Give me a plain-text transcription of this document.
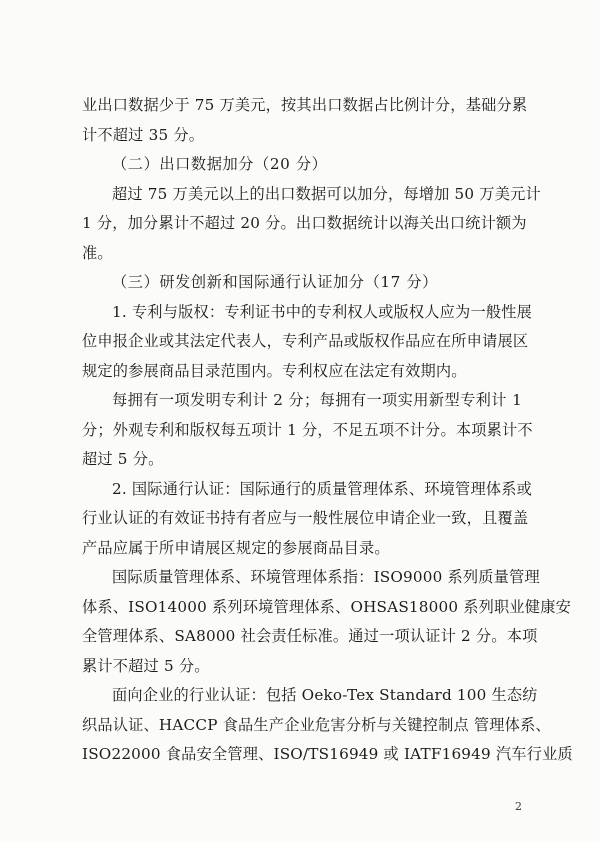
业出口数据少于 75 万美元，按其出口数据占比例计分，基础分累
计不超过 35 分。
（二）出口数据加分（20 分）
超过 75 万美元以上的出口数据可以加分，每增加 50 万美元计
1 分，加分累计不超过 20 分。出口数据统计以海关出口统计额为
准。
（三）研发创新和国际通行认证加分（17 分）
1. 专利与版权：专利证书中的专利权人或版权人应为一般性展
位申报企业或其法定代表人，专利产品或版权作品应在所申请展区
规定的参展商品目录范围内。专利权应在法定有效期内。
每拥有一项发明专利计 2 分；每拥有一项实用新型专利计 1
分；外观专利和版权每五项计 1 分，不足五项不计分。本项累计不
超过 5 分。
2. 国际通行认证：国际通行的质量管理体系、环境管理体系或
行业认证的有效证书持有者应与一般性展位申请企业一致，且覆盖
产品应属于所申请展区规定的参展商品目录。
国际质量管理体系、环境管理体系指：ISO9000 系列质量管理
体系、ISO14000 系列环境管理体系、OHSAS18000 系列职业健康安
全管理体系、SA8000 社会责任标准。通过一项认证计 2 分。本项
累计不超过 5 分。
面向企业的行业认证：包括 Oeko-Tex Standard 100 生态纺
织品认证、HACCP 食品生产企业危害分析与关键控制点 管理体系、
ISO22000 食品安全管理、ISO/TS16949 或 IATF16949 汽车行业质
2
